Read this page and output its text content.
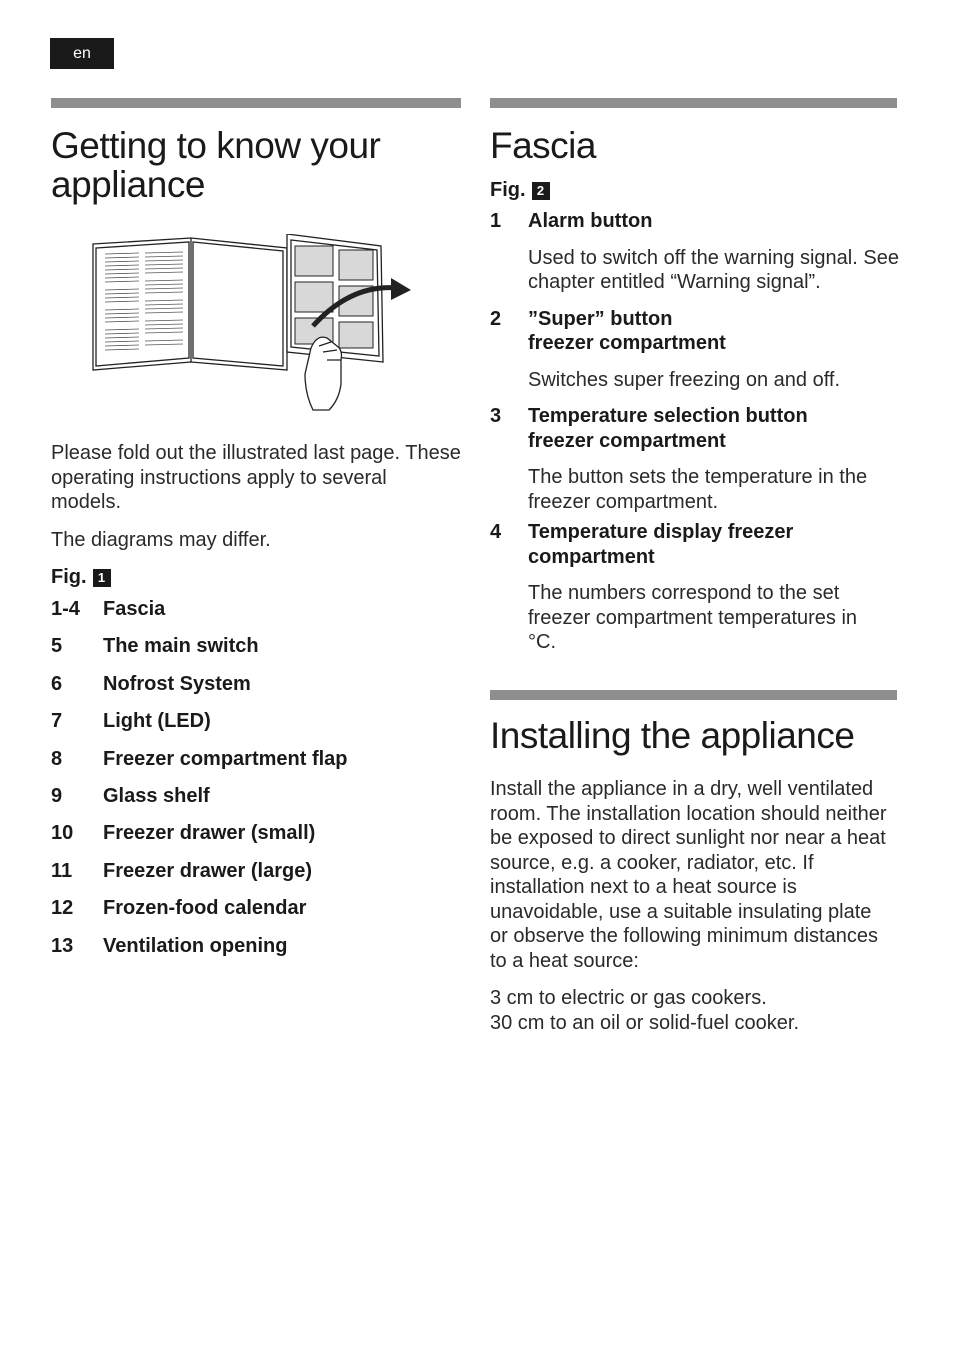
en
Getting to know your appliance

Please fold out the illustrated last page. These operating instructions apply to several models.

The diagrams may differ.

Fig. 1

1-4	Fascia
5	The main switch
6	Nofrost System
7	Light (LED)
8	Freezer compartment flap
9	Glass shelf
10	Freezer drawer (small)
11	Freezer drawer (large)
12	Frozen-food calendar
13	Ventilation opening
Fascia

Fig. 2

1	Alarm button
Used to switch off the warning signal. See chapter entitled “Warning signal”.
2	”Super” button
freezer compartment
Switches super freezing on and off.
3	Temperature selection button
freezer compartment
The button sets the temperature in the freezer compartment.
4	Temperature display freezer
compartment
The numbers correspond to the set freezer compartment temperatures in °C.
Installing the appliance

Install the appliance in a dry, well ventilated room. The installation location should neither be exposed to direct sunlight nor near a heat source, e.g. a cooker, radiator, etc. If installation next to a heat source is unavoidable, use a suitable insulating plate or observe the following minimum distances to a heat source:

3 cm to electric or gas cookers.

30 cm to an oil or solid-fuel cooker.
